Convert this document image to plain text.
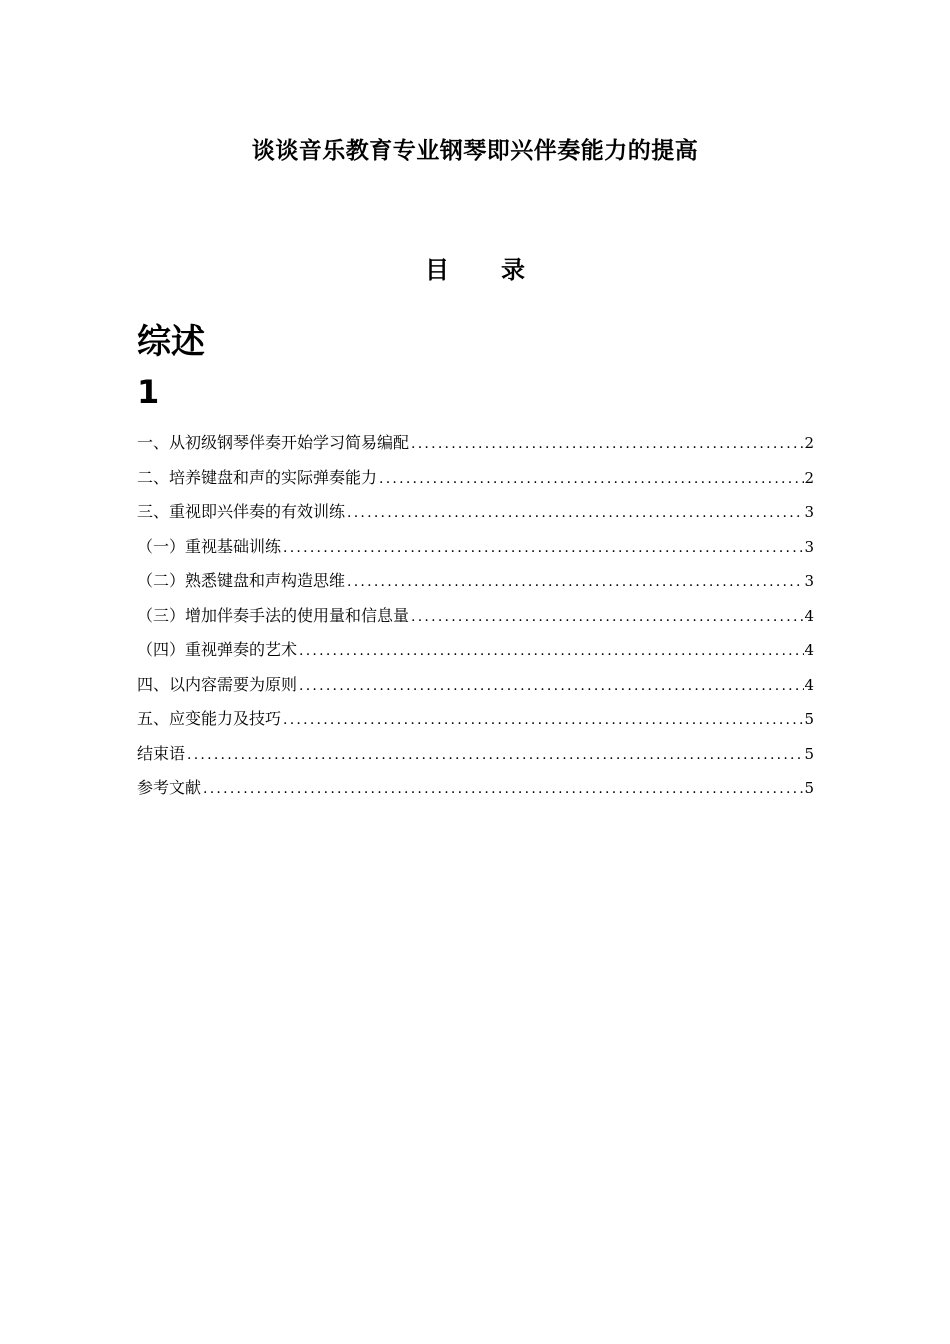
谈谈音乐教育专业钢琴即兴伴奏能力的提高
目 录
综述
1
一、从初级钢琴伴奏开始学习简易编配 . . .	2
二、培养键盘和声的实际弹奏能力 . . .	2
三、重视即兴伴奏的有效训练 . . .	3
（一）重视基础训练 . . .	3
（二）熟悉键盘和声构造思维 . . .	3
（三）增加伴奏手法的使用量和信息量 . . .	4
（四）重视弹奏的艺术 . . .	4
四、以内容需要为原则 . . .	4
五、应变能力及技巧 . . .	5
结束语 . . .	5
参考文献 . . .	5
